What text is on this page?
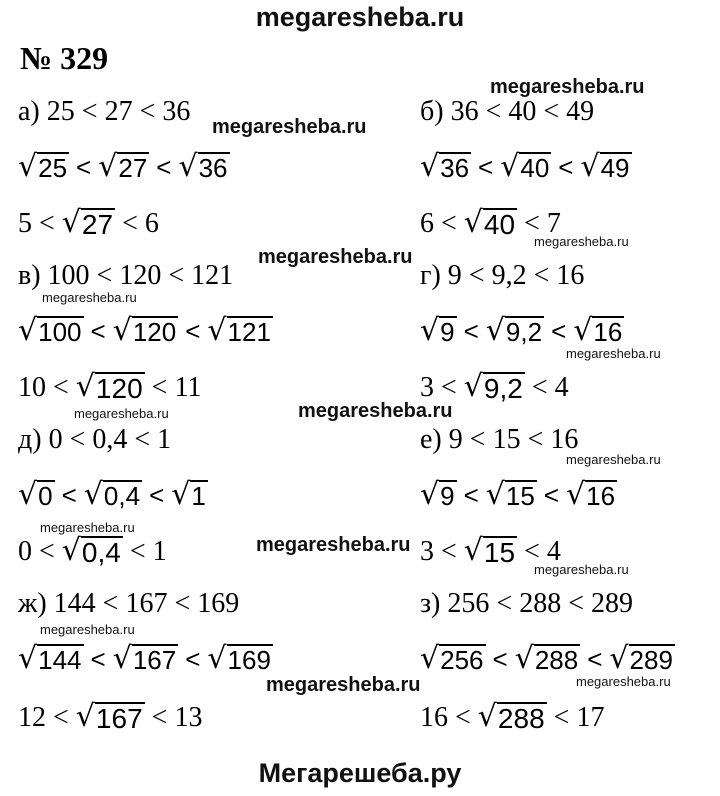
megaresheba.ru
№ 329
а) 25 < 27 < 36	б) 36 < 40 < 49
√ 25 < √ 27 < √ 36	√ 36 < √ 40 < √ 49
5 < √ 27 < 6	6 < √ 40 < 7
в) 100 < 120 < 121	г) 9 < 9,2 < 16
√ 100 < √ 120 < √ 121	√ 9 < √ 9,2 < √ 16
10 < √ 120 < 11	3 < √ 9,2 < 4
д) 0 < 0,4 < 1	е) 9 < 15 < 16
√ 0 < √ 0,4 < √ 1	√ 9 < √ 15 < √ 16
0 < √ 0,4 < 1	3 < √ 15 < 4
ж) 144 < 167 < 169	з) 256 < 288 < 289
√ 144 < √ 167 < √ 169	√ 256 < √ 288 < √ 289
12 < √ 167 < 13	16 < √ 288 < 17
megaresheba.ru
megaresheba.ru
megaresheba.ru
megaresheba.ru
megaresheba.ru
megaresheba.ru
megaresheba.ru
megaresheba.ru
megaresheba.ru
megaresheba.ru
megaresheba.ru
megaresheba.ru
megaresheba.ru
megaresheba.ru	megaresheba.ru
Мегарешеба.ру
